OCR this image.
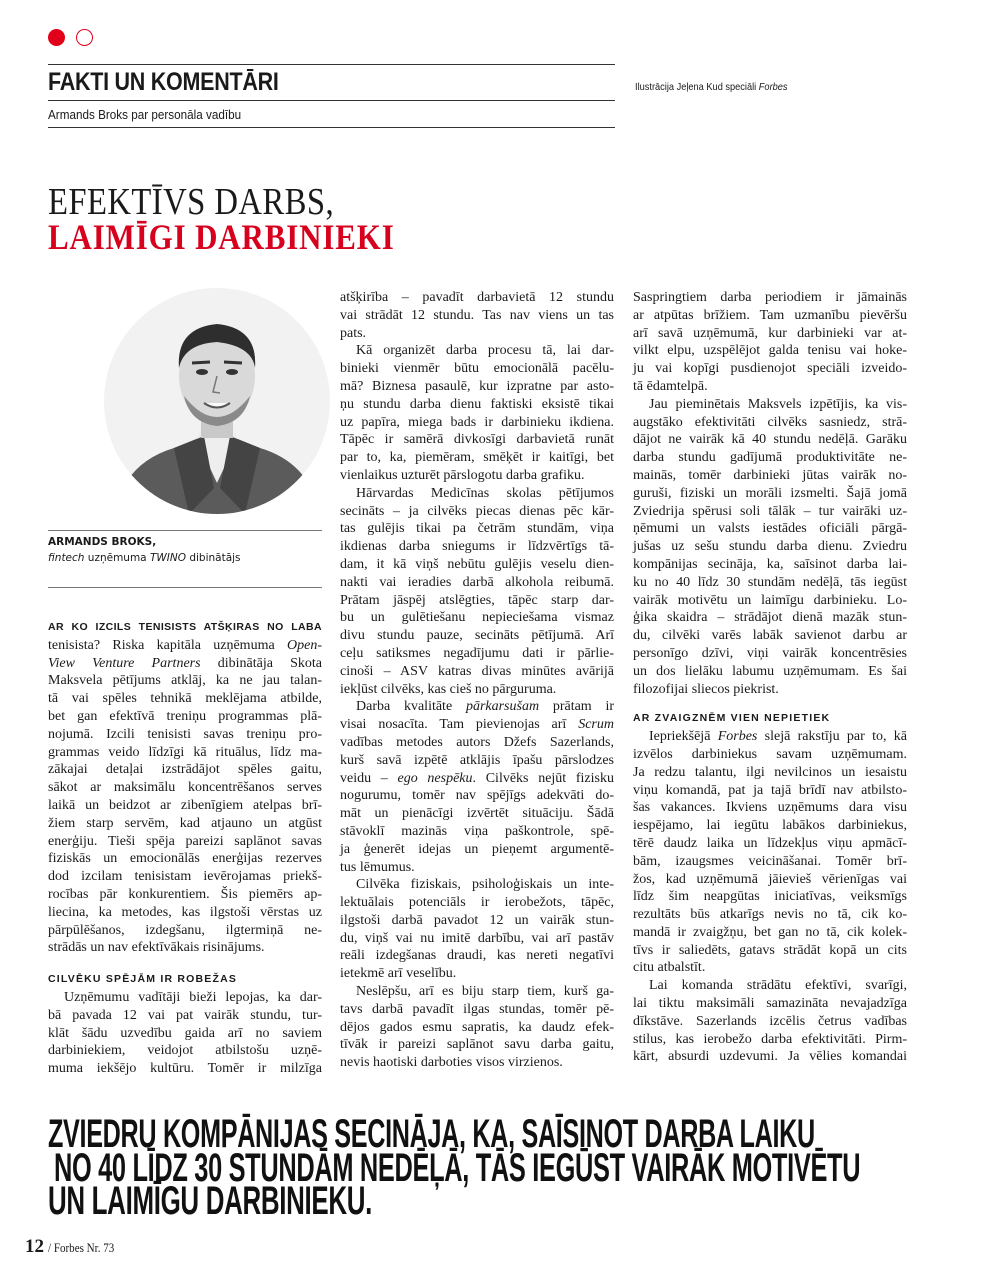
FAKTI UN KOMENTĀRI
Armands Broks par personāla vadību
Ilustrācija Jeļena Kud speciāli Forbes
EFEKTĪVS DARBS,
LAIMĪGI DARBINIEKI
ARMANDS BROKS,
fintech uzņēmuma TWINO dibinātājs
AR KO IZCILS TENISISTS ATŠĶIRAS NO LABA
tenisista? Riska kapitāla uzņēmuma Open-
View Venture Partners dibinātāja Skota
Maksvela pētījums atklāj, ka ne jau talan-
tā vai spēles tehnikā meklējama atbilde,
bet gan efektīvā treniņu programmas plā-
nojumā. Izcili tenisisti savas treniņu pro-
grammas veido līdzīgi kā rituālus, līdz ma-
zākajai detaļai izstrādājot spēles gaitu,
sākot ar maksimālu koncentrēšanos serves
laikā un beidzot ar zibenīgiem atelpas brī-
žiem starp servēm, kad atjauno un atgūst
enerģiju. Tieši spēja pareizi saplānot savas
fiziskās un emocionālās enerģijas rezerves
dod izcilam tenisistam ievērojamas priekš-
rocības pār konkurentiem. Šis piemērs ap-
liecina, ka metodes, kas ilgstoši vērstas uz
pārpūlēšanos, izdegšanu, ilgtermiņā ne-
strādās un nav efektīvākais risinājums.
CILVĒKU SPĒJĀM IR ROBEŽAS
Uzņēmumu vadītāji bieži lepojas, ka dar-
bā pavada 12 vai pat vairāk stundu, tur-
klāt šādu uzvedību gaida arī no saviem
darbiniekiem, veidojot atbilstošu uzņē-
muma iekšējo kultūru. Tomēr ir milzīga
atšķirība – pavadīt darbavietā 12 stundu
vai strādāt 12 stundu. Tas nav viens un tas
pats.
Kā organizēt darba procesu tā, lai dar-
binieki vienmēr būtu emocionālā pacēlu-
mā? Biznesa pasaulē, kur izpratne par asto-
ņu stundu darba dienu faktiski eksistē tikai
uz papīra, miega bads ir darbinieku ikdiena.
Tāpēc ir samērā divkosīgi darbavietā runāt
par to, ka, piemēram, smēķēt ir kaitīgi, bet
vienlaikus uzturēt pārslogotu darba grafiku.
Hārvardas Medicīnas skolas pētījumos
secināts – ja cilvēks piecas dienas pēc kār-
tas gulējis tikai pa četrām stundām, viņa
ikdienas darba sniegums ir līdzvērtīgs tā-
dam, it kā viņš nebūtu gulējis veselu dien-
nakti vai ieradies darbā alkohola reibumā.
Prātam jāspēj atslēgties, tāpēc starp dar-
bu un gulētiešanu nepieciešama vismaz
divu stundu pauze, secināts pētījumā. Arī
ceļu satiksmes negadījumu dati ir pārlie-
cinoši – ASV katras divas minūtes avārijā
iekļūst cilvēks, kas cieš no pārguruma.
Darba kvalitāte pārkarsušam prātam ir
visai nosacīta. Tam pievienojas arī Scrum
vadības metodes autors Džefs Sazerlands,
kurš savā izpētē atklājis īpašu pārslodzes
veidu – ego nespēku. Cilvēks nejūt fizisku
nogurumu, tomēr nav spējīgs adekvāti do-
māt un pienācīgi izvērtēt situāciju. Šādā
stāvoklī mazinās viņa paškontrole, spē-
ja ģenerēt idejas un pieņemt argumentē-
tus lēmumus.
Cilvēka fiziskais, psiholoģiskais un inte-
lektuālais potenciāls ir ierobežots, tāpēc,
ilgstoši darbā pavadot 12 un vairāk stun-
du, viņš vai nu imitē darbību, vai arī pastāv
reāli izdegšanas draudi, kas nereti negatīvi
ietekmē arī veselību.
Neslēpšu, arī es biju starp tiem, kurš ga-
tavs darbā pavadīt ilgas stundas, tomēr pē-
dējos gados esmu sapratis, ka daudz efek-
tīvāk ir pareizi saplānot savu darba gaitu,
nevis haotiski darboties visos virzienos.
Saspringtiem darba periodiem ir jāmainās
ar atpūtas brīžiem. Tam uzmanību pievēršu
arī savā uzņēmumā, kur darbinieki var at-
vilkt elpu, uzspēlējot galda tenisu vai hoke-
ju vai kopīgi pusdienojot speciāli izveido-
tā ēdamtelpā.
Jau pieminētais Maksvels izpētījis, ka vis-
augstāko efektivitāti cilvēks sasniedz, strā-
dājot ne vairāk kā 40 stundu nedēļā. Garāku
darba stundu gadījumā produktivitāte ne-
mainās, tomēr darbinieki jūtas vairāk no-
guruši, fiziski un morāli izsmelti. Šajā jomā
Zviedrija spērusi soli tālāk – tur vairāki uz-
ņēmumi un valsts iestādes oficiāli pārgā-
jušas uz sešu stundu darba dienu. Zviedru
kompānijas secināja, ka, saīsinot darba lai-
ku no 40 līdz 30 stundām nedēļā, tās iegūst
vairāk motivētu un laimīgu darbinieku. Lo-
ģika skaidra – strādājot dienā mazāk stun-
du, cilvēki varēs labāk savienot darbu ar
personīgo dzīvi, viņi vairāk koncentrēsies
un dos lielāku labumu uzņēmumam. Es šai
filozofijai sliecos piekrist.
AR ZVAIGZNĒM VIEN NEPIETIEK
Iepriekšējā Forbes slejā rakstīju par to, kā
izvēlos darbiniekus savam uzņēmumam.
Ja redzu talantu, ilgi nevilcinos un iesaistu
viņu komandā, pat ja tajā brīdī nav atbilsto-
šas vakances. Ikviens uzņēmums dara visu
iespējamo, lai iegūtu labākos darbiniekus,
tērē daudz laika un līdzekļus viņu apmācī-
bām, izaugsmes veicināšanai. Tomēr brī-
žos, kad uzņēmumā jāievieš vērienīgas vai
līdz šim neapgūtas iniciatīvas, veiksmīgs
rezultāts būs atkarīgs nevis no tā, cik ko-
mandā ir zvaigžņu, bet gan no tā, cik kolek-
tīvs ir saliedēts, gatavs strādāt kopā un cits
citu atbalstīt.
Lai komanda strādātu efektīvi, svarīgi,
lai tiktu maksimāli samazināta nevajadzīga
dīkstāve. Sazerlands izcēlis četrus vadības
stilus, kas ierobežo darba efektivitāti. Pirm-
kārt, absurdi uzdevumi. Ja vēlies komandai
ZVIEDRU KOMPĀNIJAS SECINĀJA, KA, SAĪSINOT DARBA LAIKU
NO 40 LĪDZ 30 STUNDĀM NEDĒĻĀ, TĀS IEGŪST VAIRĀK MOTIVĒTU
UN LAIMĪGU DARBINIEKU.
12 / Forbes Nr. 73
